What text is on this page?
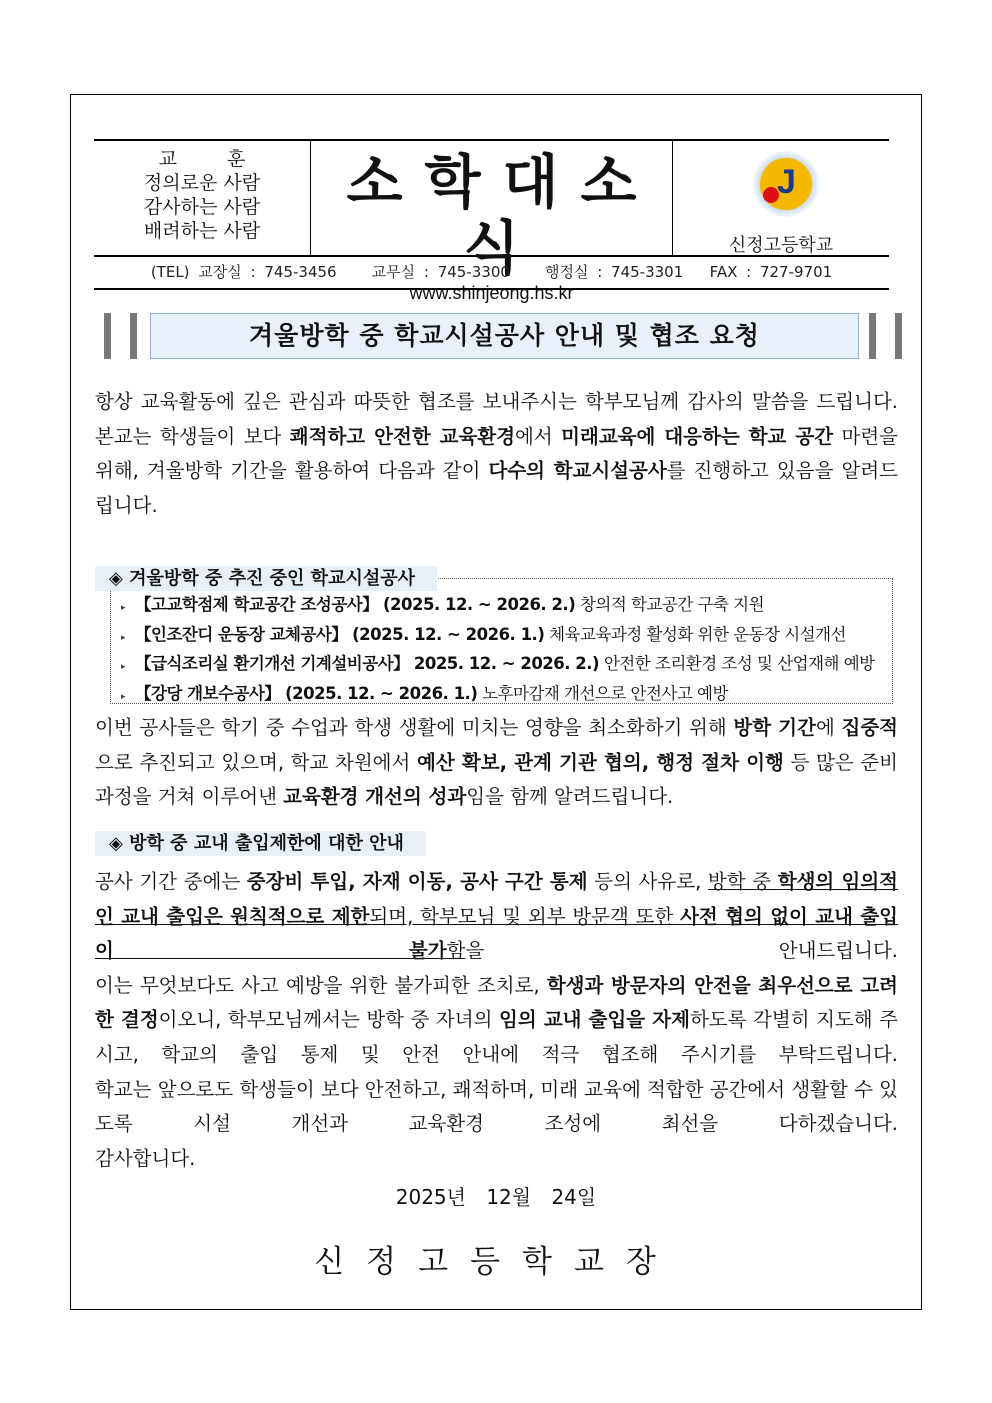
교훈
정의로운 사람
감사하는 사람
배려하는 사람
소학대소식
www.shinjeong.hs.kr
J
신정고등학교
(TEL) 교장실 : 745-3456    교무실 : 745-3300    행정실 : 745-3301   FAX : 727-9701
겨울방학 중 학교시설공사 안내 및 협조 요청

항상 교육활동에 깊은 관심과 따뜻한 협조를 보내주시는 학부모님께 감사의 말씀을 드립니다.

본교는 학생들이 보다 쾌적하고 안전한 교육환경에서 미래교육에 대응하는 학교 공간 마련을 위해, 겨울방학 기간을 활용하여 다음과 같이 다수의 학교시설공사를 진행하고 있음을 알려드립니다.

▸ 【고교학점제 학교공간 조성공사】 (2025. 12. ~ 2026. 2.) 창의적 학교공간 구축 지원
▸ 【인조잔디 운동장 교체공사】 (2025. 12. ~ 2026. 1.) 체육교육과정 활성화 위한 운동장 시설개선
▸ 【급식조리실 환기개선 기계설비공사】 2025. 12. ~ 2026. 2.) 안전한 조리환경 조성 및 산업재해 예방
▸ 【강당 개보수공사】 (2025. 12. ~ 2026. 1.) 노후마감재 개선으로 안전사고 예방
◈ 겨울방학 중 추진 중인 학교시설공사

이번 공사들은 학기 중 수업과 학생 생활에 미치는 영향을 최소화하기 위해 방학 기간에 집중적으로 추진되고 있으며, 학교 차원에서 예산 확보, 관계 기관 협의, 행정 절차 이행 등 많은 준비 과정을 거쳐 이루어낸 교육환경 개선의 성과임을 함께 알려드립니다.

◈ 방학 중 교내 출입제한에 대한 안내

공사 기간 중에는 중장비 투입, 자재 이동, 공사 구간 통제 등의 사유로, 방학 중 학생의 임의적인 교내 출입은 원칙적으로 제한되며, 학부모님 및 외부 방문객 또한 사전 협의 없이 교내 출입이 불가함을 안내드립니다.

이는 무엇보다도 사고 예방을 위한 불가피한 조치로, 학생과 방문자의 안전을 최우선으로 고려한 결정이오니, 학부모님께서는 방학 중 자녀의 임의 교내 출입을 자제하도록 각별히 지도해 주시고, 학교의 출입 통제 및 안전 안내에 적극 협조해 주시기를 부탁드립니다.

학교는 앞으로도 학생들이 보다 안전하고, 쾌적하며, 미래 교육에 적합한 공간에서 생활할 수 있도록 시설 개선과 교육환경 조성에 최선을 다하겠습니다.

감사합니다.

2025년 12월 24일
신정고등학교장
